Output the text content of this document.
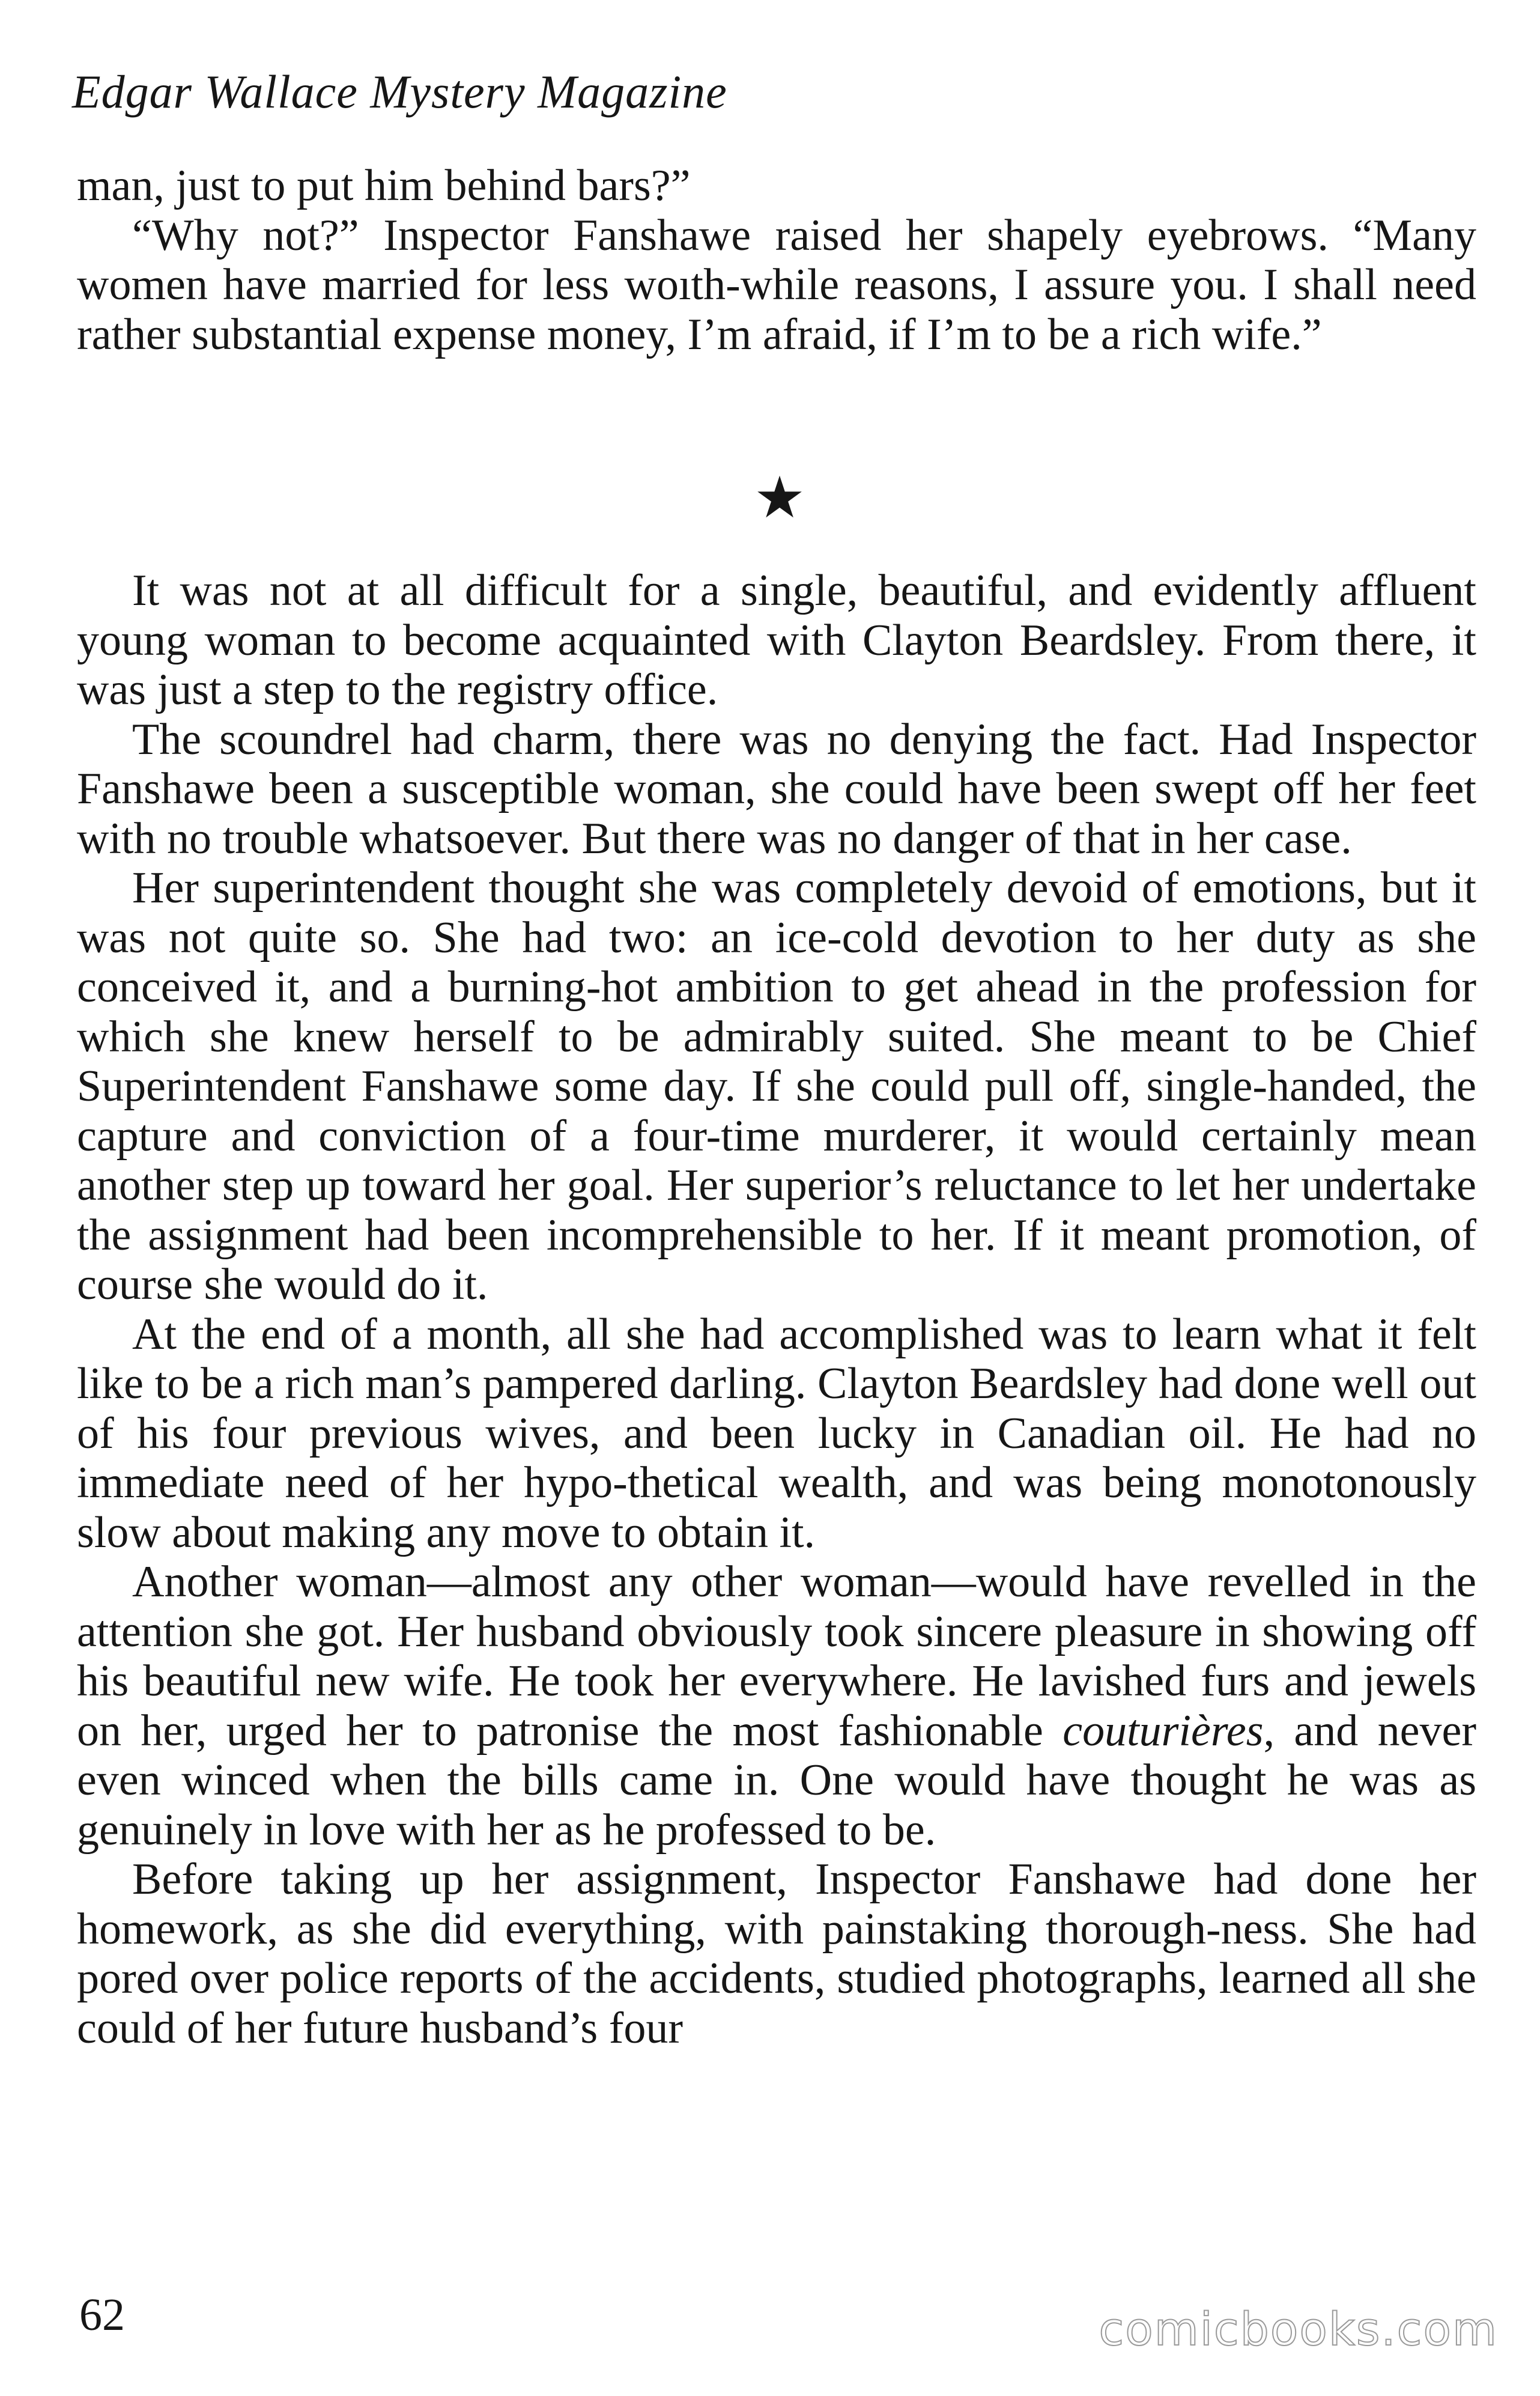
Edgar Wallace Mystery Magazine

man, just to put him behind bars?”

“Why not?” Inspector Fanshawe raised her shapely eyebrows. “Many women have married for less woıth-while reasons, I assure you. I shall need rather substantial expense money, I’m afraid, if I’m to be a rich wife.”

★

It was not at all difficult for a single, beautiful, and evidently affluent young woman to become acquainted with Clayton Beardsley. From there, it was just a step to the registry office.

The scoundrel had charm, there was no denying the fact. Had Inspector Fanshawe been a susceptible woman, she could have been swept off her feet with no trouble whatsoever. But there was no danger of that in her case.

Her superintendent thought she was completely devoid of emotions, but it was not quite so. She had two: an ice-cold devotion to her duty as she conceived it, and a burning-hot ambition to get ahead in the profession for which she knew herself to be admirably suited. She meant to be Chief Superintendent Fanshawe some day. If she could pull off, single-handed, the capture and conviction of a four-time murderer, it would certainly mean another step up toward her goal. Her superior’s reluctance to let her undertake the assignment had been incomprehensible to her. If it meant promotion, of course she would do it.

At the end of a month, all she had accomplished was to learn what it felt like to be a rich man’s pampered darling. Clayton Beardsley had done well out of his four previous wives, and been lucky in Canadian oil. He had no immediate need of her hypo-thetical wealth, and was being monotonously slow about making any move to obtain it.

Another woman—almost any other woman—would have revelled in the attention she got. Her husband obviously took sincere pleasure in showing off his beautiful new wife. He took her everywhere. He lavished furs and jewels on her, urged her to patronise the most fashionable couturières, and never even winced when the bills came in. One would have thought he was as genuinely in love with her as he professed to be.

Before taking up her assignment, Inspector Fanshawe had done her homework, as she did everything, with painstaking thorough-ness. She had pored over police reports of the accidents, studied photographs, learned all she could of her future husband’s four

62	comicbooks.com
